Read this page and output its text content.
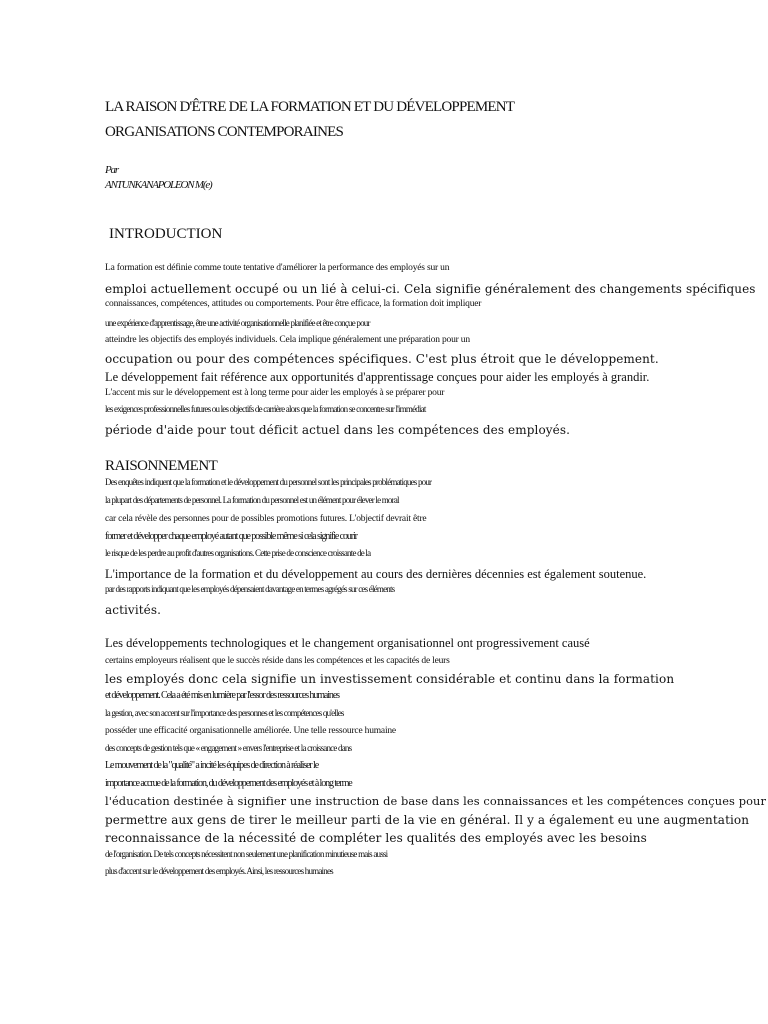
LA RAISON D'ÊTRE DE LA FORMATION ET DU DÉVELOPPEMENT
ORGANISATIONS CONTEMPORAINES
Par
ANTUNKANAPOLEON M(e)
INTRODUCTION
La formation est définie comme toute tentative d'améliorer la performance des employés sur un
emploi actuellement occupé ou un lié à celui-ci. Cela signifie généralement des changements spécifiques
connaissances, compétences, attitudes ou comportements. Pour être efficace, la formation doit impliquer
une expérience d'apprentissage, être une activité organisationnelle planifiée et être conçue pour
atteindre les objectifs des employés individuels. Cela implique généralement une préparation pour un
occupation ou pour des compétences spécifiques. C'est plus étroit que le développement.
Le développement fait référence aux opportunités d'apprentissage conçues pour aider les employés à grandir.
L'accent mis sur le développement est à long terme pour aider les employés à se préparer pour
les exigences professionnelles futures ou les objectifs de carrière alors que la formation se concentre sur l'immédiat
période d'aide pour tout déficit actuel dans les compétences des employés.
RAISONNEMENT
Des enquêtes indiquent que la formation et le développement du personnel sont les principales problématiques pour
la plupart des départements de personnel. La formation du personnel est un élément pour élever le moral
car cela révèle des personnes pour de possibles promotions futures. L'objectif devrait être
former et développer chaque employé autant que possible même si cela signifie courir
le risque de les perdre au profit d'autres organisations. Cette prise de conscience croissante de la
L'importance de la formation et du développement au cours des dernières décennies est également soutenue.
par des rapports indiquant que les employés dépensaient davantage en termes agrégés sur ces éléments
activités.
Les développements technologiques et le changement organisationnel ont progressivement causé
certains employeurs réalisent que le succès réside dans les compétences et les capacités de leurs
les employés donc cela signifie un investissement considérable et continu dans la formation
et développement. Cela a été mis en lumière par l'essor des ressources humaines
la gestion, avec son accent sur l'importance des personnes et les compétences qu'elles
posséder une efficacité organisationnelle améliorée. Une telle ressource humaine
des concepts de gestion tels que « engagement » envers l'entreprise et la croissance dans
Le mouvement de la "qualité" a incité les équipes de direction à réaliser le
importance accrue de la formation, du développement des employés et à long terme
l'éducation destinée à signifier une instruction de base dans les connaissances et les compétences conçues pour
permettre aux gens de tirer le meilleur parti de la vie en général. Il y a également eu une augmentation
reconnaissance de la nécessité de compléter les qualités des employés avec les besoins
de l'organisation. De tels concepts nécessitent non seulement une planification minutieuse mais aussi
plus d'accent sur le développement des employés. Ainsi, les ressources humaines
